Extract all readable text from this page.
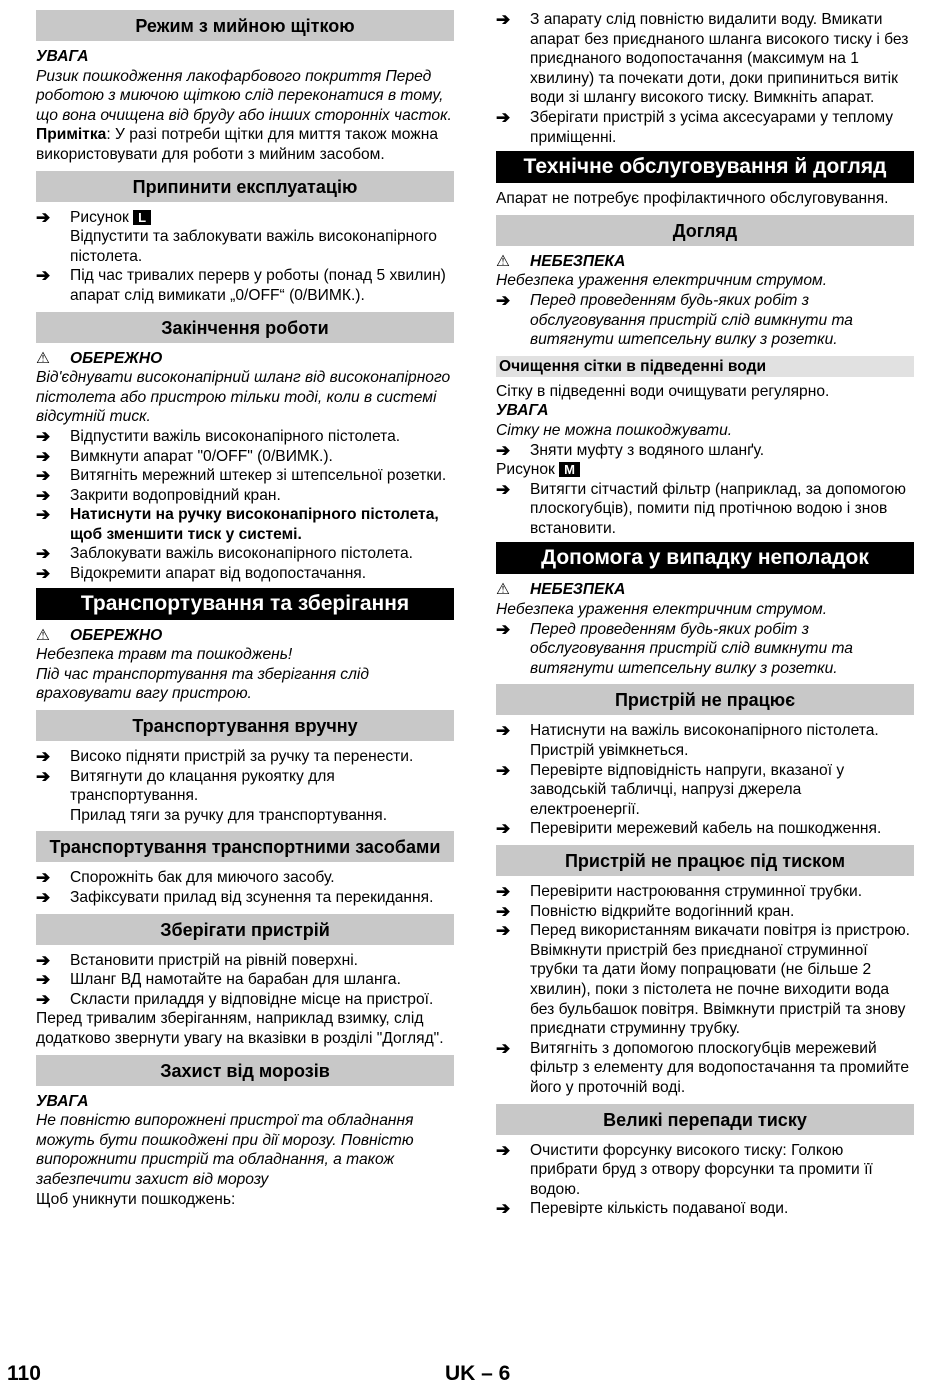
Режим з мийною щіткою

УВАГА

Ризик пошкодження лакофарбового покриття Перед роботою з миючою щіткою слід переконатися в тому, що вона очищена від бруду або інших сторонніх часток.

Примітка: У разі потреби щітки для миття також можна використовувати для роботи з мийним засобом.

Припинити експлуатацію
➔	Рисунок L
Відпустити та заблокувати важіль високонапірного пістолета.
➔	Під час тривалих перерв у роботы (понад 5 хвилин) апарат слід вимикати „0/OFF“ (0/ВИМК.).
Закінчення роботи

⚠ ОБЕРЕЖНО

Від'єднувати високонапірний шланг від високонапірного пістолета або пристрою тільки тоді, коли в системі відсутній тиск.

➔	Відпустити важіль високонапірного пістолета.
➔	Вимкнути апарат "0/OFF" (0/ВИМК.).
➔	Витягніть мережний штекер зі штепсельної розетки.
➔	Закрити водопровідний кран.
➔	Натиснути на ручку високонапірного пістолета, щоб зменшити тиск у системі.
➔	Заблокувати важіль високонапірного пістолета.
➔	Відокремити апарат від водопостачання.
Транспортування та зберігання

⚠ ОБЕРЕЖНО

Небезпека травм та пошкоджень!

Під час транспортування та зберігання слід враховувати вагу пристрою.

Транспортування вручну
➔	Високо підняти пристрій за ручку та перенести.
➔	Витягнути до клацання рукоятку для транспортування.
Прилад тяги за ручку для транспортування.
Транспортування транспортними засобами
➔	Спорожніть бак для миючого засобу.
➔	Зафіксувати прилад від зсунення та перекидання.
Зберігати пристрій
➔	Встановити пристрій на рівній поверхні.
➔	Шланг ВД намотайте на барабан для шланга.
➔	Скласти приладдя у відповідне місце на пристрої.

Перед тривалим зберіганням, наприклад взимку, слід додатково звернути увагу на вказівки в розділі "Догляд".

Захист від морозів

УВАГА

Не повністю випорожнені пристрої та обладнання можуть бути пошкоджені при дії морозу. Повністю випорожнити пристрій та обладнання, а також забезпечити захист від морозу

Щоб уникнути пошкоджень:

➔	З апарату слід повністю видалити воду. Вмикати апарат без приєднаного шланга високого тиску і без приєднаного водопостачання (максимум на 1 хвилину) та почекати доти, доки припиниться витік води зі шлангу високого тиску. Вимкніть апарат.
➔	Зберігати пристрій з усіма аксесуарами у теплому приміщенні.
Технічне обслуговування й догляд

Апарат не потребує профілактичного обслуговування.

Догляд

⚠ НЕБЕЗПЕКА

Небезпека ураження електричним струмом.

➔	Перед проведенням будь-яких робіт з обслуговування пристрій слід вимкнути та витягнути штепсельну вилку з розетки.
Очищення сітки в підведенні води

Сітку в підведенні води очищувати регулярно.

УВАГА

Сітку не можна пошкоджувати.

➔	Зняти муфту з водяного шланґу.

Рисунок M

➔	Витягти сітчастий фільтр (наприклад, за допомогою плоскогубців), помити під протічною водою і знов встановити.
Допомога у випадку неполадок

⚠ НЕБЕЗПЕКА

Небезпека ураження електричним струмом.

➔	Перед проведенням будь-яких робіт з обслуговування пристрій слід вимкнути та витягнути штепсельну вилку з розетки.
Пристрій не працює
➔	Натиснути на важіль високонапірного пістолета.
Пристрій увімкнеться.
➔	Перевірте відповідність напруги, вказаної у заводській табличці, напрузі джерела електроенергії.
➔	Перевірити мережевий кабель на пошкодження.
Пристрій не працює під тиском
➔	Перевірити настроювання струминної трубки.
➔	Повністю відкрийте водогінний кран.
➔	Перед використанням викачати повітря із пристрою.
Ввімкнути пристрій без приєднаної струминної трубки та дати йому попрацювати (не більше 2 хвилин), поки з пістолета не почне виходити вода без бульбашок повітря. Ввімкнути пристрій та знову приєднати струминну трубку.
➔	Витягніть з допомогою плоскогубців мережевий фільтр з елементу для водопостачання та промийте його у проточній воді.
Великі перепади тиску
➔	Очистити форсунку високого тиску: Голкою прибрати бруд з отвору форсунки та промити її водою.
➔	Перевірте кількість подаваної води.
110	UK – 6
